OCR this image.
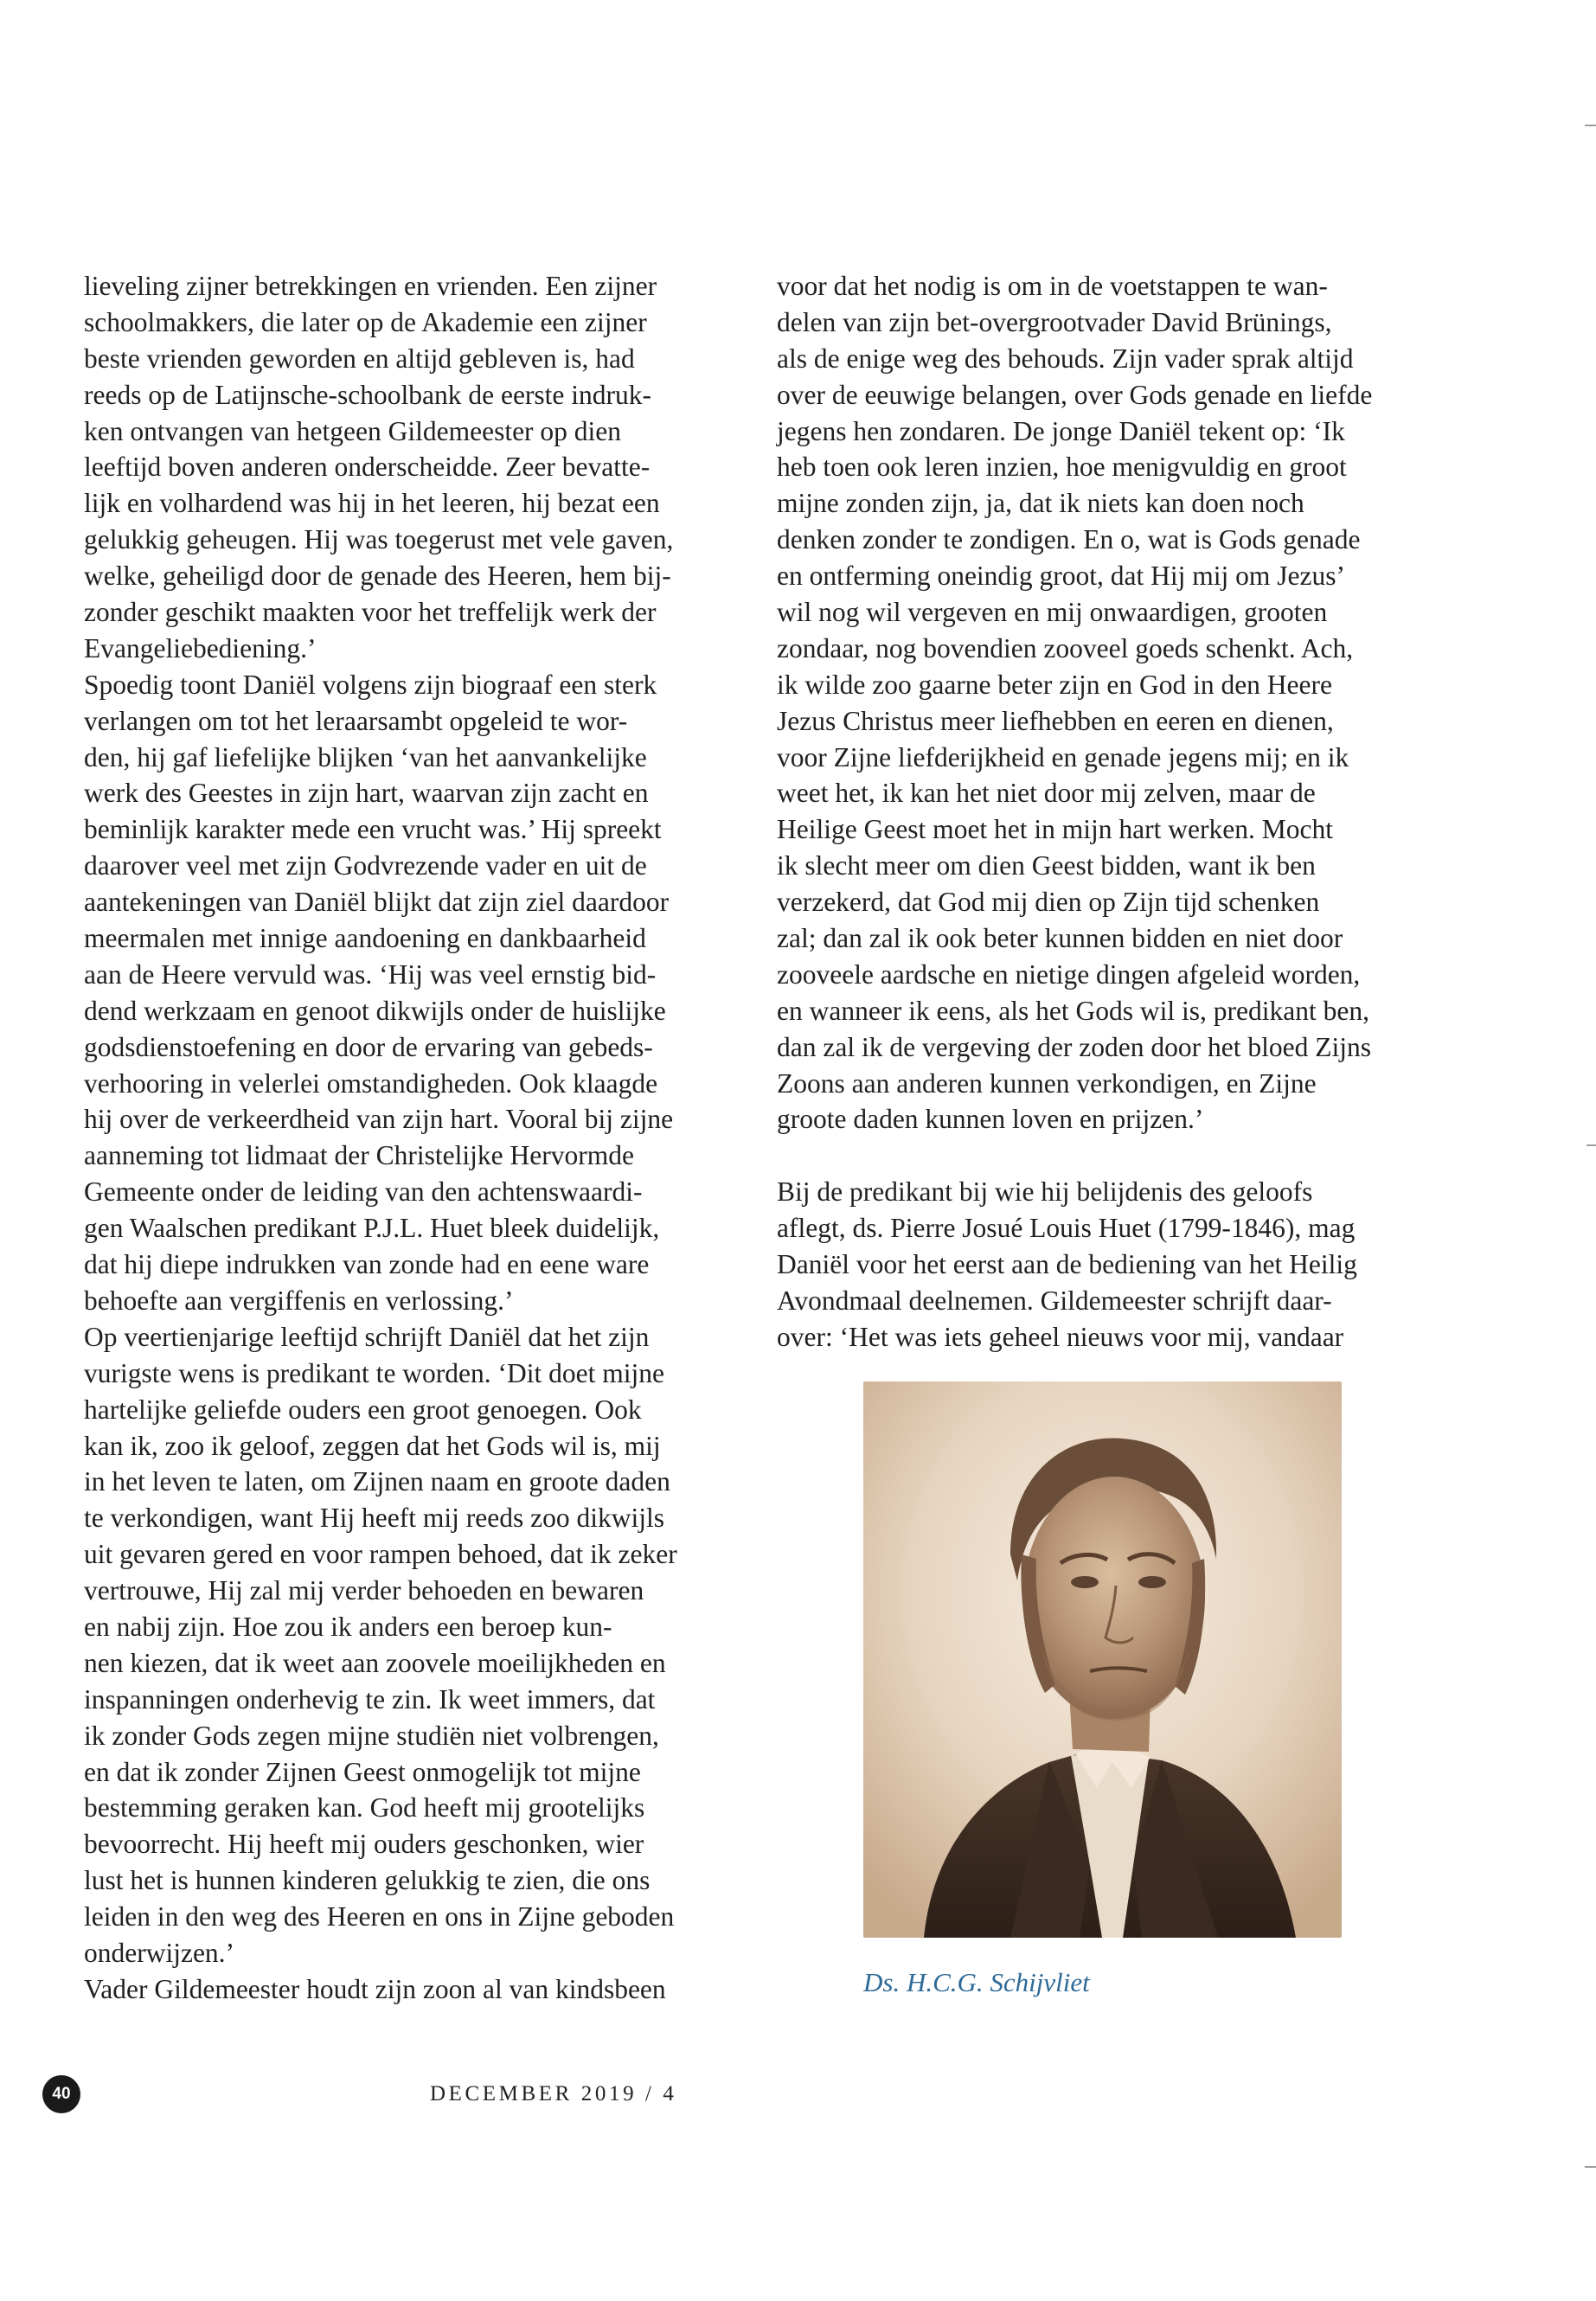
lieveling zijner betrekkingen en vrienden. Een zijner
schoolmakkers, die later op de Akademie een zijner
beste vrienden geworden en altijd gebleven is, had
reeds op de Latijnsche-schoolbank de eerste indruk-
ken ontvangen van hetgeen Gildemeester op dien
leeftijd boven anderen onderscheidde. Zeer bevatte-
lijk en volhardend was hij in het leeren, hij bezat een
gelukkig geheugen. Hij was toegerust met vele gaven,
welke, geheiligd door de genade des Heeren, hem bij-
zonder geschikt maakten voor het treffelijk werk der
Evangeliebediening.’
Spoedig toont Daniël volgens zijn biograaf een sterk
verlangen om tot het leraarsambt opgeleid te wor-
den, hij gaf liefelijke blijken ‘van het aanvankelijke
werk des Geestes in zijn hart, waarvan zijn zacht en
beminlijk karakter mede een vrucht was.’ Hij spreekt
daarover veel met zijn Godvrezende vader en uit de
aantekeningen van Daniël blijkt dat zijn ziel daardoor
meermalen met innige aandoening en dankbaarheid
aan de Heere vervuld was. ‘Hij was veel ernstig bid-
dend werkzaam en genoot dikwijls onder de huislijke
godsdienstoefening en door de ervaring van gebeds-
verhooring in velerlei omstandigheden. Ook klaagde
hij over de verkeerdheid van zijn hart. Vooral bij zijne
aanneming tot lidmaat der Christelijke Hervormde
Gemeente onder de leiding van den achtenswaardi-
gen Waalschen predikant P.J.L. Huet bleek duidelijk,
dat hij diepe indrukken van zonde had en eene ware
behoefte aan vergiffenis en verlossing.’
Op veertienjarige leeftijd schrijft Daniël dat het zijn
vurigste wens is predikant te worden. ‘Dit doet mijne
hartelijke geliefde ouders een groot genoegen. Ook
kan ik, zoo ik geloof, zeggen dat het Gods wil is, mij
in het leven te laten, om Zijnen naam en groote daden
te verkondigen, want Hij heeft mij reeds zoo dikwijls
uit gevaren gered en voor rampen behoed, dat ik zeker
vertrouwe, Hij zal mij verder behoeden en bewaren
en nabij zijn. Hoe zou ik anders een beroep kun-
nen kiezen, dat ik weet aan zoovele moeilijkheden en
inspanningen onderhevig te zin. Ik weet immers, dat
ik zonder Gods zegen mijne studiën niet volbrengen,
en dat ik zonder Zijnen Geest onmogelijk tot mijne
bestemming geraken kan. God heeft mij grootelijks
bevoorrecht. Hij heeft mij ouders geschonken, wier
lust het is hunnen kinderen gelukkig te zien, die ons
leiden in den weg des Heeren en ons in Zijne geboden
onderwijzen.’
Vader Gildemeester houdt zijn zoon al van kindsbeen
voor dat het nodig is om in de voetstappen te wan-
delen van zijn bet-overgrootvader David Brünings,
als de enige weg des behouds. Zijn vader sprak altijd
over de eeuwige belangen, over Gods genade en liefde
jegens hen zondaren. De jonge Daniël tekent op: ‘Ik
heb toen ook leren inzien, hoe menigvuldig en groot
mijne zonden zijn, ja, dat ik niets kan doen noch
denken zonder te zondigen. En o, wat is Gods genade
en ontferming oneindig groot, dat Hij mij om Jezus’
wil nog wil vergeven en mij onwaardigen, grooten
zondaar, nog bovendien zooveel goeds schenkt. Ach,
ik wilde zoo gaarne beter zijn en God in den Heere
Jezus Christus meer liefhebben en eeren en dienen,
voor Zijne liefderijkheid en genade jegens mij; en ik
weet het, ik kan het niet door mij zelven, maar de
Heilige Geest moet het in mijn hart werken. Mocht
ik slecht meer om dien Geest bidden, want ik ben
verzekerd, dat God mij dien op Zijn tijd schenken
zal; dan zal ik ook beter kunnen bidden en niet door
zooveele aardsche en nietige dingen afgeleid worden,
en wanneer ik eens, als het Gods wil is, predikant ben,
dan zal ik de vergeving der zoden door het bloed Zijns
Zoons aan anderen kunnen verkondigen, en Zijne
groote daden kunnen loven en prijzen.’
Bij de predikant bij wie hij belijdenis des geloofs
aflegt, ds. Pierre Josué Louis Huet (1799-1846), mag
Daniël voor het eerst aan de bediening van het Heilig
Avondmaal deelnemen. Gildemeester schrijft daar-
over: ‘Het was iets geheel nieuws voor mij, vandaar
Ds. H.C.G. Schijvliet
40	DECEMBER 2019 / 4
